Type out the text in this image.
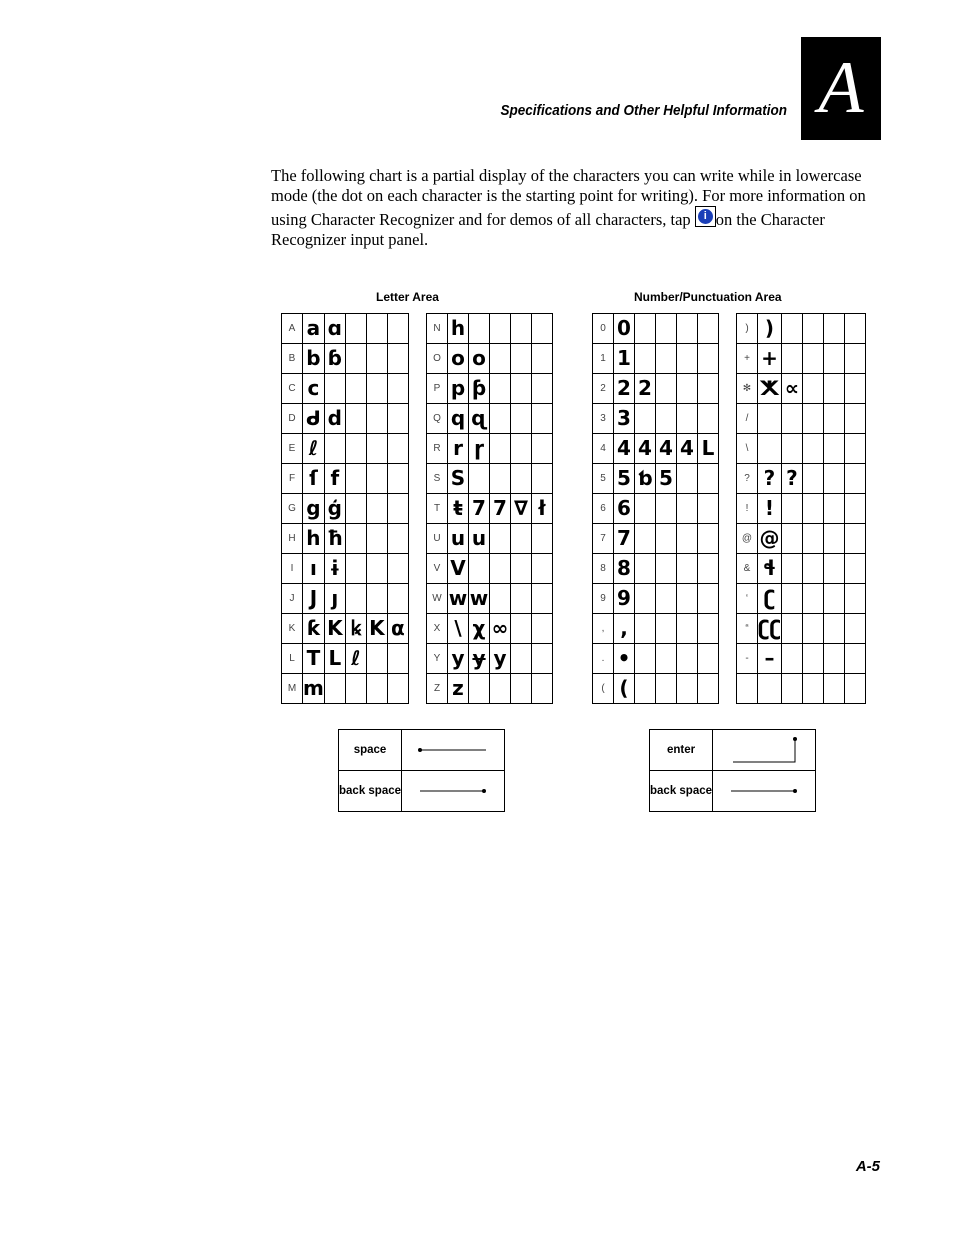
A
Specifications and Other Helpful Information

The following chart is a partial display of the characters you can write while in lowercase mode (the dot on each character is the starting point for writing). For more information on using Character Recognizer and for demos of all characters, tap	i on the Character Recognizer input panel.

Letter Area	Number/Punctuation Area
A	a	ɑ			
B	b	ɓ			
C	c				
D	ᑯ	d			
E	ℓ				
F	ſ	f			
G	g	ģ			
H	h	ħ			
I	ı	ɨ			
J	J	ȷ			
K	ƙ	K	ꝃ	K	α
L	T	L	ℓ		
M	m				
N	h				
O	o	o			
P	p	ƥ			
Q	q	ɋ			
R	r	ɼ			
S	S				
T	ŧ	7	7	∇	ł
U	u	u			
V	V				
W	w	w			
X	\	χ	∞		
Y	y	ɏ	y		
Z	z				
0	0				
1	1				
2	2	2			
3	3				
4	4	4	4	4	L
5	5	ƅ	5		
6	6				
7	7				
8	8				
9	9				
,	,				
.	•				
(	(				
)	)				
+	+				
✻	ⵅ	∝			
/					
\					
?	?	?			
!	!				
@	@				
&	ɬ				
‘	ʗ				
“	ʗʗ				
-	–				

space	

back space	
enter	

back space	
A-5
